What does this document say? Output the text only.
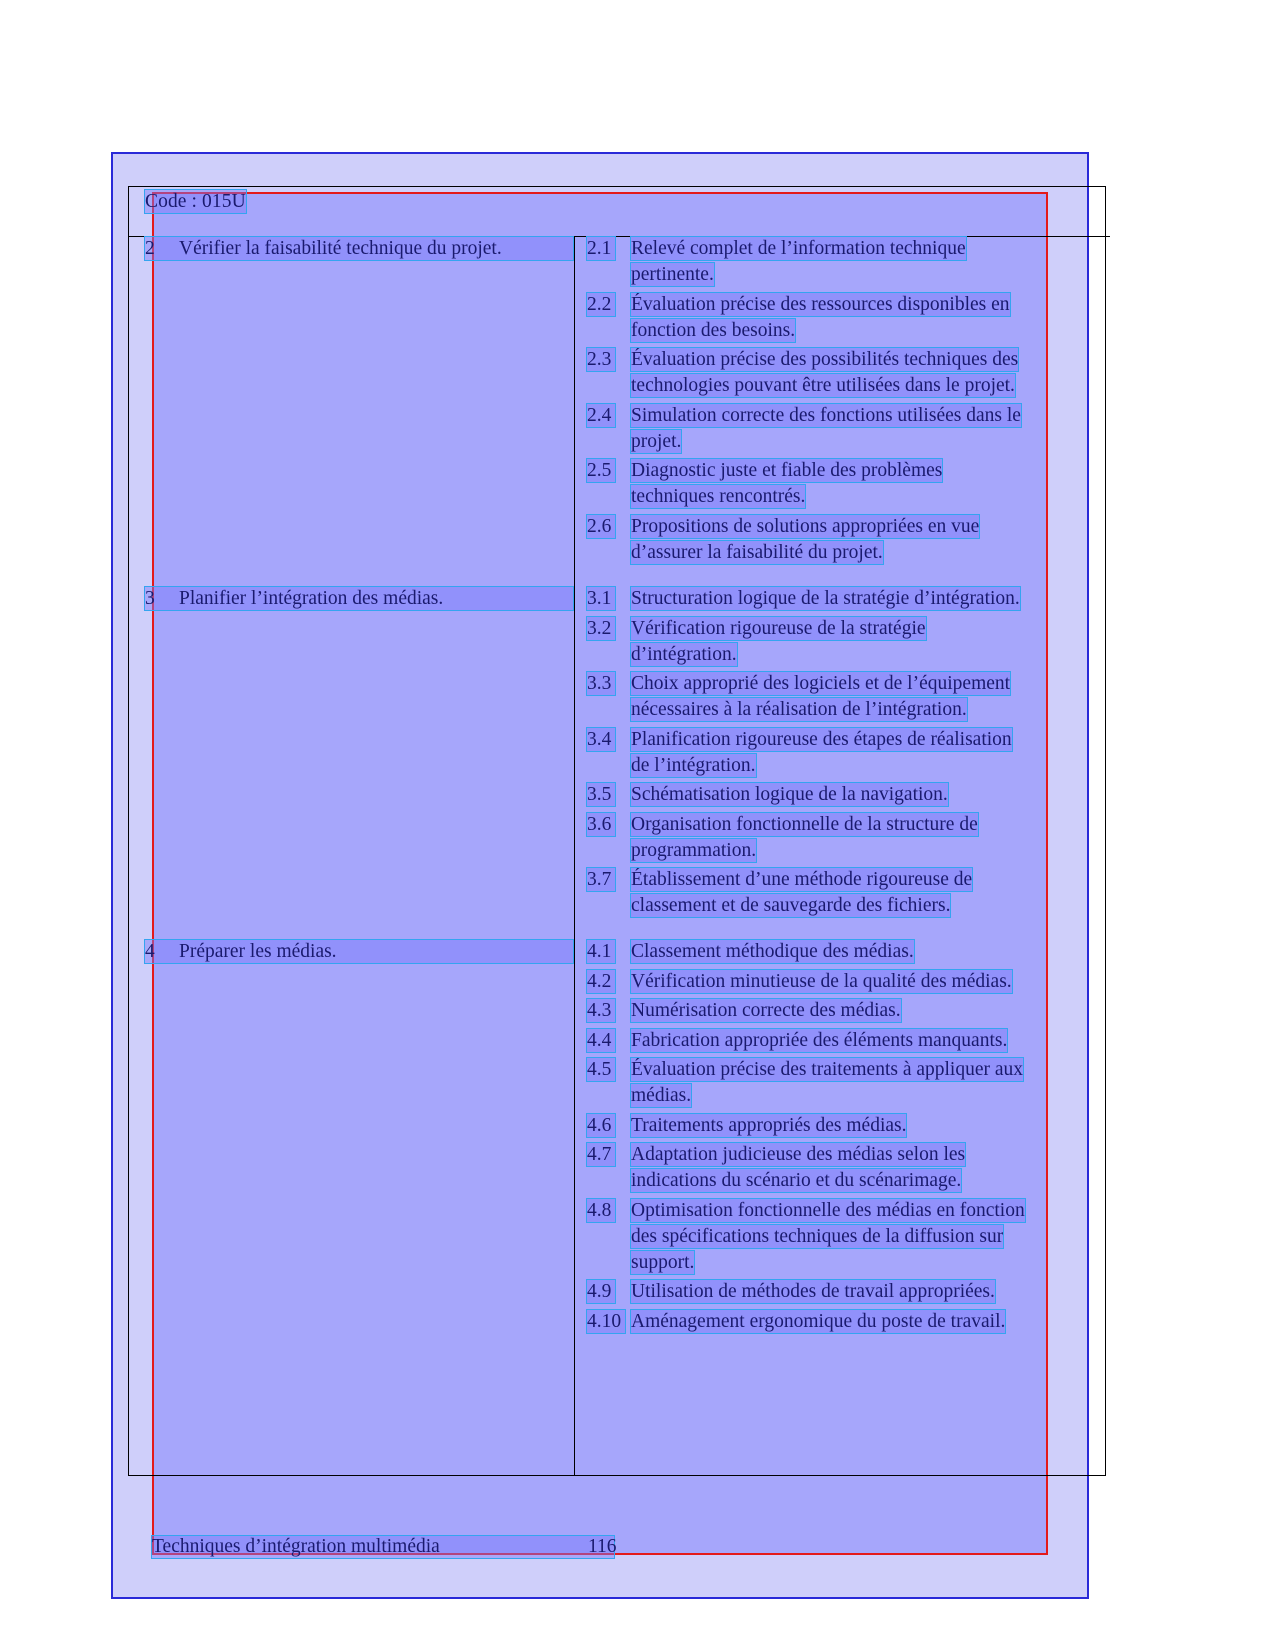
Code : 015U
2 Vérifier la faisabilité technique du projet.	2.1 Relevé complet de l’information technique
pertinente.
2.2 Évaluation précise des ressources disponibles en
fonction des besoins.
2.3 Évaluation précise des possibilités techniques des
technologies pouvant être utilisées dans le projet.
2.4 Simulation correcte des fonctions utilisées dans le
projet.
2.5 Diagnostic juste et fiable des problèmes
techniques rencontrés.
2.6 Propositions de solutions appropriées en vue
d’assurer la faisabilité du projet.
3 Planifier l’intégration des médias.	3.1 Structuration logique de la stratégie d’intégration.
3.2 Vérification rigoureuse de la stratégie
d’intégration.
3.3 Choix approprié des logiciels et de l’équipement
nécessaires à la réalisation de l’intégration.
3.4 Planification rigoureuse des étapes de réalisation
de l’intégration.
3.5 Schématisation logique de la navigation.
3.6 Organisation fonctionnelle de la structure de
programmation.
3.7 Établissement d’une méthode rigoureuse de
classement et de sauvegarde des fichiers.
4 Préparer les médias.	4.1 Classement méthodique des médias.
4.2 Vérification minutieuse de la qualité des médias.
4.3 Numérisation correcte des médias.
4.4 Fabrication appropriée des éléments manquants.
4.5 Évaluation précise des traitements à appliquer aux
médias.
4.6 Traitements appropriés des médias.
4.7 Adaptation judicieuse des médias selon les
indications du scénario et du scénarimage.
4.8 Optimisation fonctionnelle des médias en fonction
des spécifications techniques de la diffusion sur
support.
4.9 Utilisation de méthodes de travail appropriées.
4.10 Aménagement ergonomique du poste de travail.
Techniques d’intégration multimédia	116
